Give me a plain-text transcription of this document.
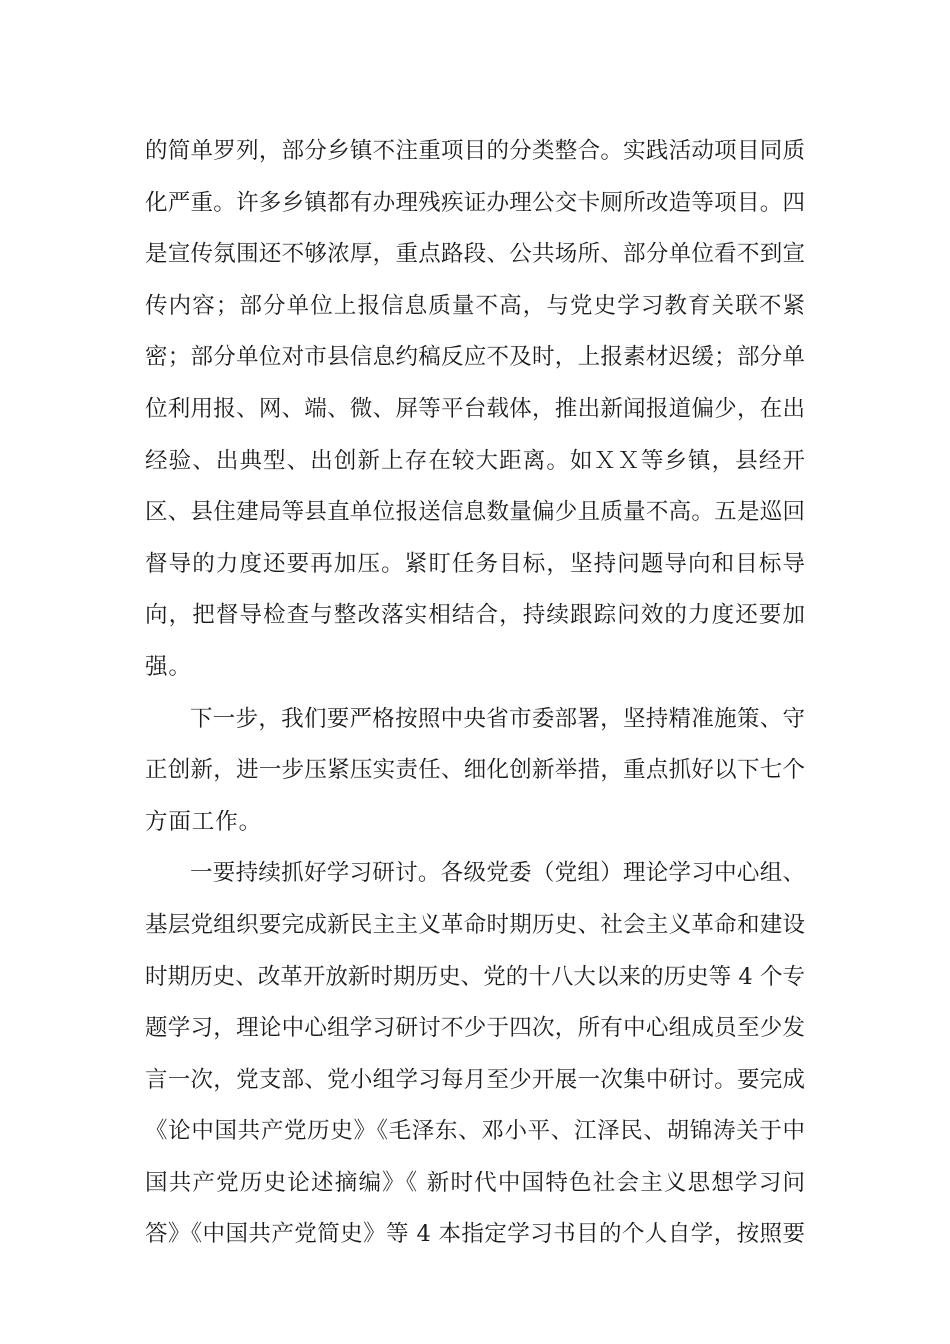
的简单罗列，部分乡镇不注重项目的分类整合。实践活动项目同质
化严重。许多乡镇都有办理残疾证办理公交卡厕所改造等项目。四
是宣传氛围还不够浓厚，重点路段、公共场所、部分单位看不到宣
传内容；部分单位上报信息质量不高，与党史学习教育关联不紧
密；部分单位对市县信息约稿反应不及时，上报素材迟缓；部分单
位利用报、网、端、微、屏等平台载体，推出新闻报道偏少，在出
经验、出典型、出创新上存在较大距离。如ＸＸ等乡镇，县经开
区、县住建局等县直单位报送信息数量偏少且质量不高。五是巡回
督导的力度还要再加压。紧盯任务目标，坚持问题导向和目标导
向，把督导检查与整改落实相结合，持续跟踪问效的力度还要加
强。
下一步，我们要严格按照中央省市委部署，坚持精准施策、守
正创新，进一步压紧压实责任、细化创新举措，重点抓好以下七个
方面工作。
一要持续抓好学习研讨。各级党委（党组）理论学习中心组、
基层党组织要完成新民主主义革命时期历史、社会主义革命和建设
时期历史、改革开放新时期历史、党的十八大以来的历史等 4 个专
题学习，理论中心组学习研讨不少于四次，所有中心组成员至少发
言一次，党支部、党小组学习每月至少开展一次集中研讨。要完成
《论中国共产党历史》《毛泽东、邓小平、江泽民、胡锦涛关于中
国共产党历史论述摘编》《 新时代中国特色社会主义思想学习问
答》《中国共产党简史》等 4 本指定学习书目的个人自学，按照要
